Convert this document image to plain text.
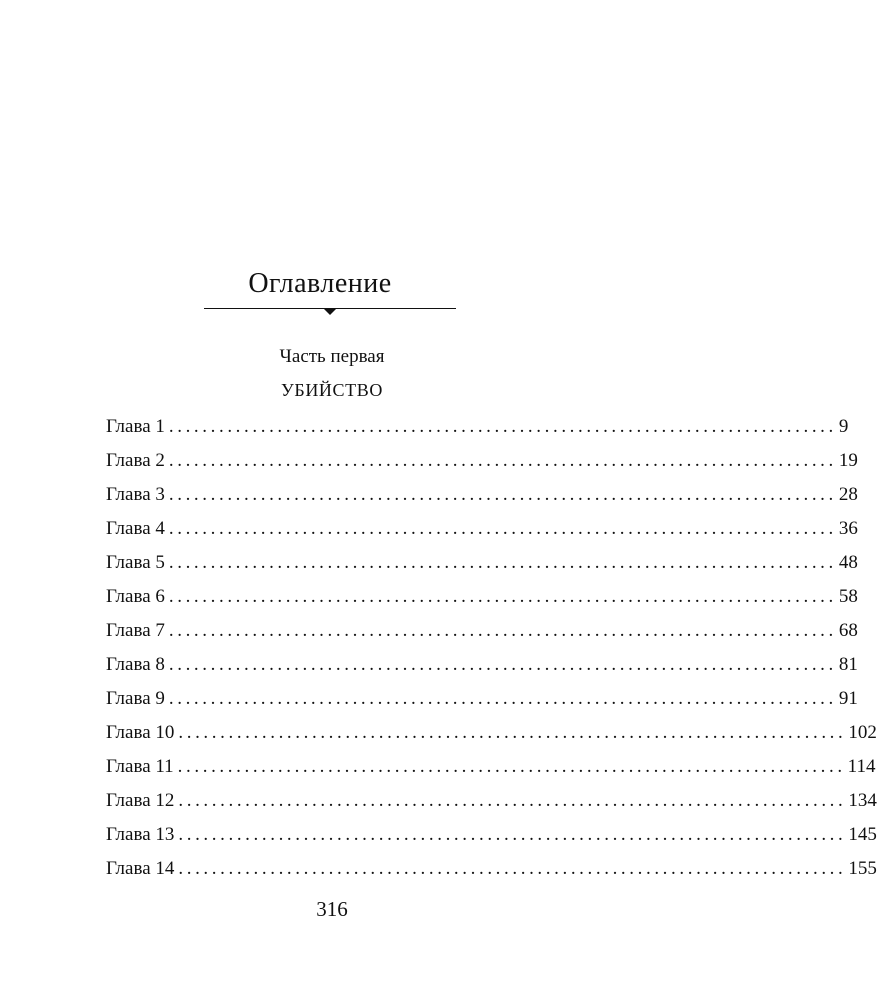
Оглавление
Часть первая
УБИЙСТВО
Глава 1 ................................................................................ 9
Глава 2 ................................................................................ 19
Глава 3 ................................................................................ 28
Глава 4 ................................................................................ 36
Глава 5 ................................................................................ 48
Глава 6 ................................................................................ 58
Глава 7 ................................................................................ 68
Глава 8 ................................................................................ 81
Глава 9 ................................................................................ 91
Глава 10 ................................................................................ 102
Глава 11 ................................................................................ 114
Глава 12 ................................................................................ 134
Глава 13 ................................................................................ 145
Глава 14 ................................................................................ 155
316
